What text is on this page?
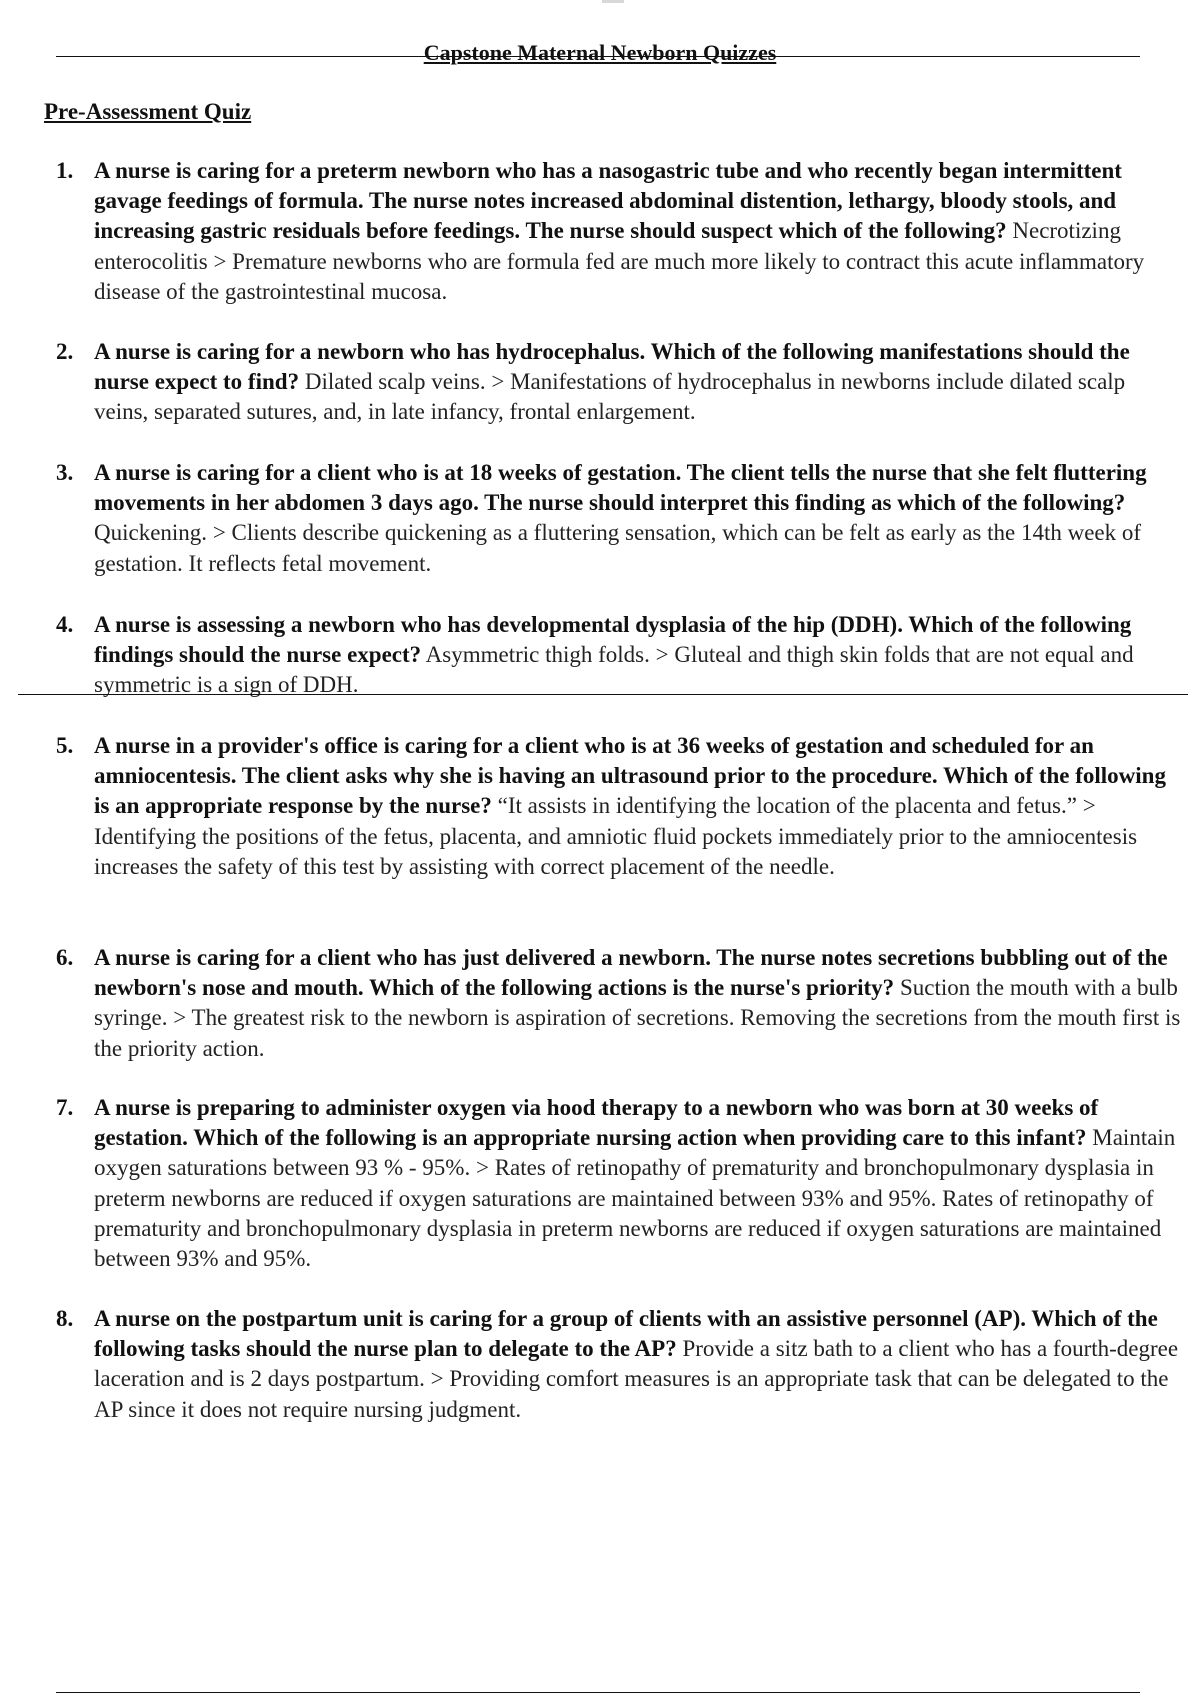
Capstone Maternal Newborn Quizzes
Pre-Assessment Quiz
1. A nurse is caring for a preterm newborn who has a nasogastric tube and who recently began intermittent gavage feedings of formula. The nurse notes increased abdominal distention, lethargy, bloody stools, and increasing gastric residuals before feedings. The nurse should suspect which of the following? Necrotizing enterocolitis > Premature newborns who are formula fed are much more likely to contract this acute inflammatory disease of the gastrointestinal mucosa.
2. A nurse is caring for a newborn who has hydrocephalus. Which of the following manifestations should the nurse expect to find? Dilated scalp veins. > Manifestations of hydrocephalus in newborns include dilated scalp veins, separated sutures, and, in late infancy, frontal enlargement.
3. A nurse is caring for a client who is at 18 weeks of gestation. The client tells the nurse that she felt fluttering movements in her abdomen 3 days ago. The nurse should interpret this finding as which of the following? Quickening. > Clients describe quickening as a fluttering sensation, which can be felt as early as the 14th week of gestation. It reflects fetal movement.
4. A nurse is assessing a newborn who has developmental dysplasia of the hip (DDH). Which of the following findings should the nurse expect? Asymmetric thigh folds. > Gluteal and thigh skin folds that are not equal and symmetric is a sign of DDH.
5. A nurse in a provider's office is caring for a client who is at 36 weeks of gestation and scheduled for an amniocentesis. The client asks why she is having an ultrasound prior to the procedure. Which of the following is an appropriate response by the nurse? “It assists in identifying the location of the placenta and fetus.” > Identifying the positions of the fetus, placenta, and amniotic fluid pockets immediately prior to the amniocentesis increases the safety of this test by assisting with correct placement of the needle.
6. A nurse is caring for a client who has just delivered a newborn. The nurse notes secretions bubbling out of the newborn's nose and mouth. Which of the following actions is the nurse's priority? Suction the mouth with a bulb syringe. > The greatest risk to the newborn is aspiration of secretions. Removing the secretions from the mouth first is the priority action.
7. A nurse is preparing to administer oxygen via hood therapy to a newborn who was born at 30 weeks of gestation. Which of the following is an appropriate nursing action when providing care to this infant? Maintain oxygen saturations between 93 % - 95%. > Rates of retinopathy of prematurity and bronchopulmonary dysplasia in preterm newborns are reduced if oxygen saturations are maintained between 93% and 95%. Rates of retinopathy of prematurity and bronchopulmonary dysplasia in preterm newborns are reduced if oxygen saturations are maintained between 93% and 95%.
8. A nurse on the postpartum unit is caring for a group of clients with an assistive personnel (AP). Which of the following tasks should the nurse plan to delegate to the AP? Provide a sitz bath to a client who has a fourth-degree laceration and is 2 days postpartum. > Providing comfort measures is an appropriate task that can be delegated to the AP since it does not require nursing judgment.
